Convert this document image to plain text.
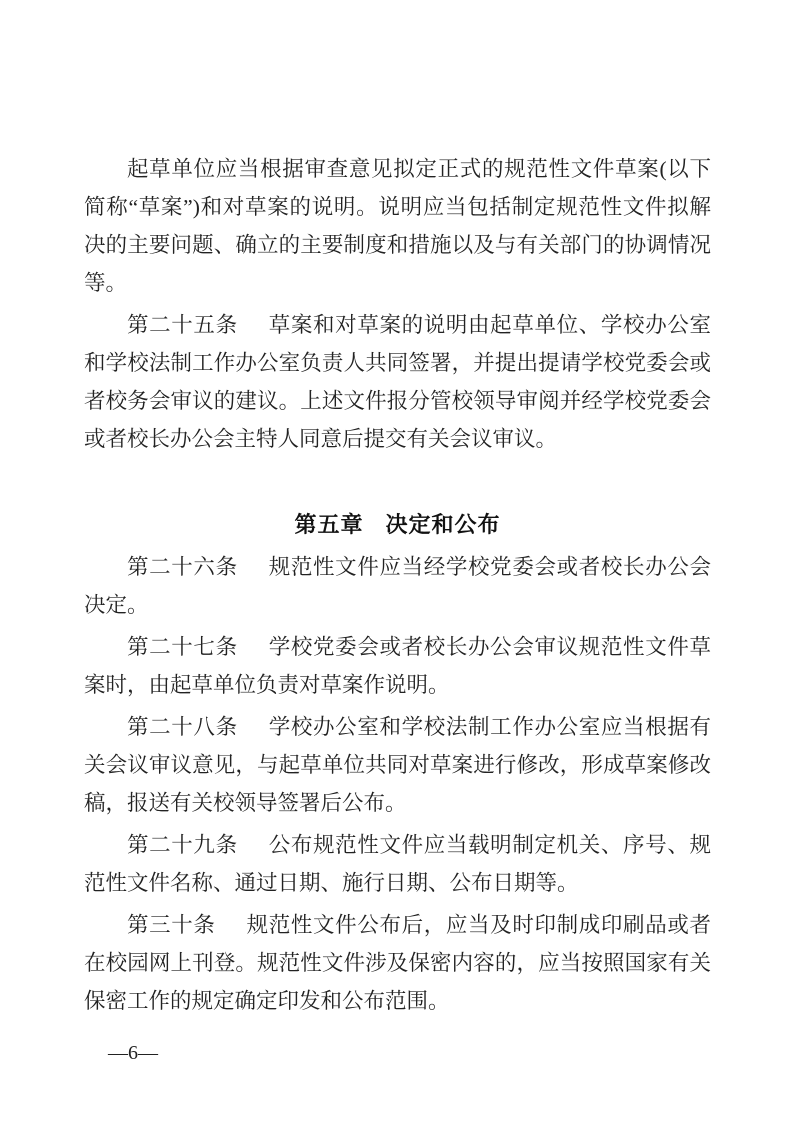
起草单位应当根据审查意见拟定正式的规范性文件草案(以下简称“草案”)和对草案的说明。说明应当包括制定规范性文件拟解决的主要问题、确立的主要制度和措施以及与有关部门的协调情况等。

第二十五条 草案和对草案的说明由起草单位、学校办公室和学校法制工作办公室负责人共同签署，并提出提请学校党委会或者校务会审议的建议。上述文件报分管校领导审阅并经学校党委会或者校长办公会主特人同意后提交有关会议审议。

第五章 决定和公布

第二十六条 规范性文件应当经学校党委会或者校长办公会决定。

第二十七条 学校党委会或者校长办公会审议规范性文件草案时，由起草单位负责对草案作说明。

第二十八条 学校办公室和学校法制工作办公室应当根据有关会议审议意见，与起草单位共同对草案进行修改，形成草案修改稿，报送有关校领导签署后公布。

第二十九条 公布规范性文件应当载明制定机关、序号、规范性文件名称、通过日期、施行日期、公布日期等。

第三十条 规范性文件公布后，应当及时印制成印刷品或者在校园网上刊登。规范性文件涉及保密内容的，应当按照国家有关保密工作的规定确定印发和公布范围。

—6—
